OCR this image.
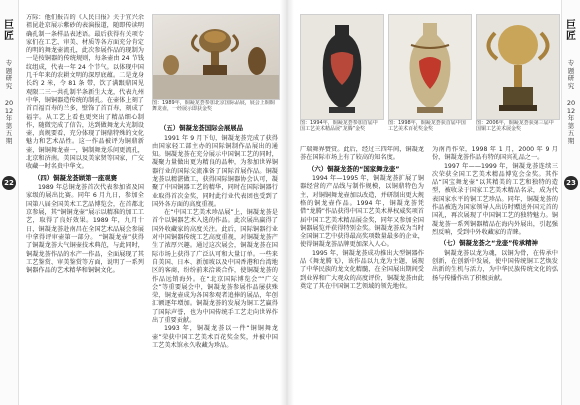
巨匠
专题研究
2012 年第五期
22

方际：他们报告的《人民日报》关于宜兴余祖昆赴京展示紫砂的表演报道，随即传读明确孔制一条样品表述语。最后获得有关项专家们在工艺、审美、材质等各方面充分肯定的明的舞龙壶流孔，此次参展作品的现制为一是按铜器的传统规则，每条壶由 24 节钱纹组成，代表一年 24 个节气。以体现中国几千年来的农耕文明的深厚底蕴。二是龙身长约 2 米，令 81 条 带，饮了满跟鼎国见观限二三一共孔制半条新生大龙，代表九州中华，铜铜器造传统的制孔。在壶体上刻了首百福百寿的兰多，壁饰了首百寿，刻成了福字。从工艺上看也更突出了精品细心制作，随微完成了信告，达到做舞龙大光制设壶，真规要看，充分体现了铜鼎特殊的文化魅力和艺术品性。这一作品被评为铜鼎新壶，铜铜舞龙壶一，铜制舞龙乐问更流孔，北京和济南。美国以及美家贤等国家，广交收藏一时名贵中华文。

（四）铜凝龙荟顾第一座观赛

1989 年总铜龙荟首次代表参加省及国家级的展出比赛。同年 6 月九日，参加全国第八届全国美术工艺品博览会，在首都北京参展，其“铜铜龙壶”展示以精准的加工工艺，取得了良好效果。1989 年，九月十日，铜凝龙荟赴南昌在全国艺术品展会参展中拿得评审壶第一部分。 “铜凝龙壶”获得了铜凝龙荟大气铜壶技术典范，与此同时，铜凝龙荟作品的水产一作品，全面展现了其工艺鉴赏、审美鉴赏等方面，说明了一系列铜器作品的艺术精华和铜铜文化。

图：1989年，铜凝龙荟参加北京国际品展，展会上铜铜舞龙壶，一经展示即获金奖
（五）铜凝龙荟国际会展展品

1991 年 9 月下旬，铜凝龙荟完成了获得由国家轻工部主办的国际铜制作品展出的通知。铜凝龙荟在充分展示中国铜工艺的同时，凝聚力量做出更为精良的品种，为参加世界铜器行业的国际交流准备了国际首展作品。铜凝龙荟以精湛做工，获得国际铜器协会认可，凝聚了中国铜器工艺的精华，同时在国际铜器行业取得首次金奖，同时此行业代表团也受到了国外各方面的高度重视。

在“中国工艺美术珍品展”上，铜凝龙荟是首个以铜器艺术入选的作品。此次展出赢得了国外收藏家的高度关注。此后，国际铜器行业对中国铜器传统工艺高度重视，对铜凝龙荟产生了浓厚兴趣。通过这次展会，铜凝龙荟在国际市场上获得了广泛认可和大量订单。一些来自美国、日本、新加坡以及中国香港和台湾地区的客商，纷纷前来洽谈合作，使铜凝龙荟的作品远销海外。在“北京国际博览会”“广交会”等重要展会中，铜凝龙荟参展作品屡获殊荣，铜龙壶成为各国参观者追捧的展品，年创汇额逐年增加。铜凝龙荟的发展为铜工艺赢得了国际声誉，也为中国传统手工艺走向世界作出了重要贡献。

1993 年，铜凝龙荟以一件“铜铜舞龙壶”荣获中国工艺美术百花奖金奖，并被中国工艺美术馆永久收藏为珍品。

图：1994年，铜凝龙荟参加首届中国工艺美术精品展“龙腾”金奖
图：1998年，铜凝龙荟获首届中国工艺美术百花奖金奖
图：2006年，铜凝龙荟获第三届中国铜工艺美术展金奖

广瑞舞界赞赏。此后，经过三四年间，铜凝龙荟在国际市场上有了较高的知名度。

（六）铜凝龙荟的“国家舞龙壶”

1994 年—1995 年，铜凝龙荟扩展了铜器经营的产品线与制作规模，以铜鼎特色为主，对铜铜舞龙壶加以改造，并研制出更大规格的铜龙壶作品。1994 年，铜凝龙荟凭借“龙腾”作品获得中国工艺美术界权威奖项首届中国工艺美术精品展金奖，同年又参加全国铜器展览并获得特别金奖。铜凝龙荟成为当时全国铜工艺中获得最高奖项数量最多的企业，使得铜凝龙荟品牌更加深入人心。

1995 年，铜凝龙荟成功推出大型铜器作品《舞龙腾飞》，该作品以九龙为主题，展现了中华民族的龙文化精髓，在全国展出期间受到业界和广大观众的高度评价，铜凝龙荟由此奠定了其在中国铜工艺领域的领先地位。

为南肖作荣，1998 年 1 月，2000 年 9 月份，铜凝龙荟作品有特的国宾礼品之一。

1997 年——1999 年，铜凝龙荟连续三次荣获全国工艺美术精品博览会金奖。其作品“国宝舞龙壶”以其精美的工艺和独特的造型，被收录于国家工艺美术精品名录，成为代表国家水平的铜工艺珍品。同年，铜凝龙荟的作品被选为国家领导人出访时赠送外国元首的国礼，再次展现了中国铜工艺的独特魅力。铜凝龙荟一系列铜器精品在海内外展出，引起强烈反响，受到中外收藏家的青睐。

（七）铜凝龙荟之“龙壶”传承精神

铜凝龙荟以龙为魂，以铜为骨，在传承中创新，在创新中发展，使中国传统铜工艺焕发出新的生机与活力，为中华民族传统文化的弘扬与传播作出了积极贡献。

巨匠
专题研究
2012 年第五期
23
